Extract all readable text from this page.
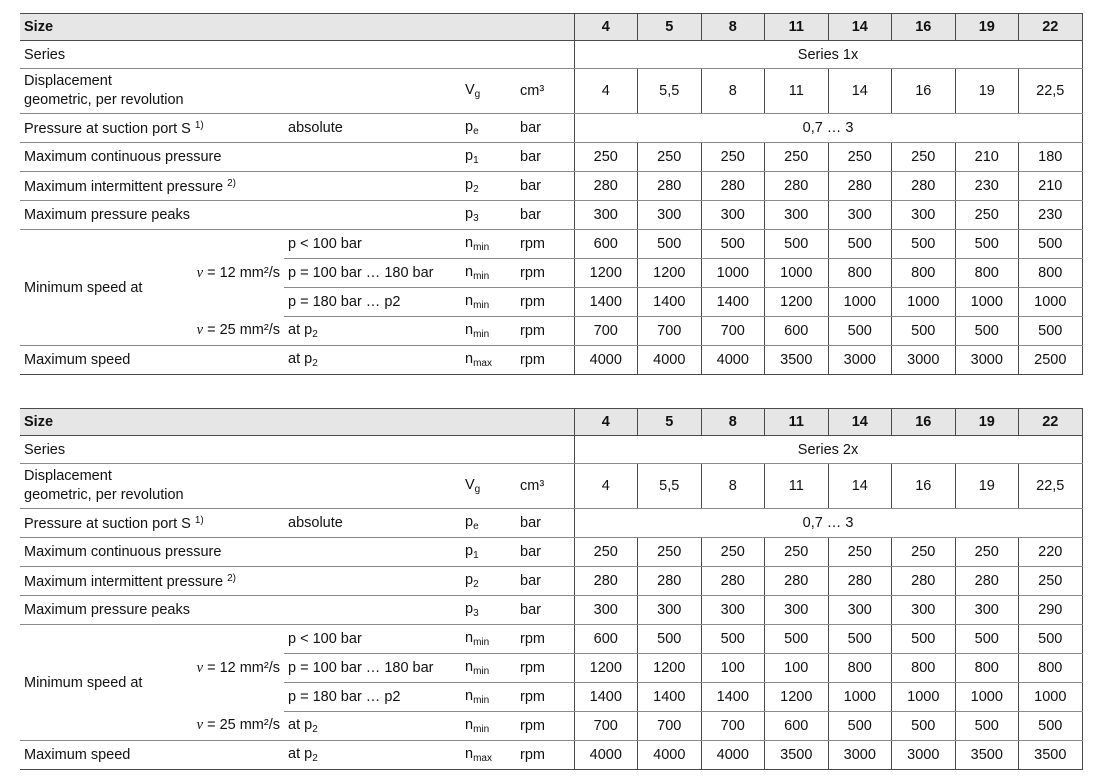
Size					4	5	8	11	14	16	19	22
Series					Series 1x							

Displacement
geometric, per revolution			$V_g$	cm³	4	5,5	8	11	14	16	19	22,5
Pressure at suction port S $^{1)}$		absolute	$p_e$	bar	0,7 … 3							
Maximum continuous pressure			$p_1$	bar	250	250	250	250	250	250	210	180
Maximum intermittent pressure $^{2)}$			$p_2$	bar	280	280	280	280	280	280	230	210
Maximum pressure peaks			$p_3$	bar	300	300	300	300	300	300	250	230
Minimum speed at		p < 100 bar	$n_{min}$	rpm	600	500	500	500	500	500	500	500
	ν = 12 mm²/s	p = 100 bar … 180 bar	$n_{min}$	rpm	1200	1200	1000	1000	800	800	800	800
		p = 180 bar … p2	$n_{min}$	rpm	1400	1400	1400	1200	1000	1000	1000	1000
	ν = 25 mm²/s	at $p_2$	$n_{min}$	rpm	700	700	700	600	500	500	500	500
Maximum speed		at $p_2$	$n_{max}$	rpm	4000	4000	4000	3500	3000	3000	3000	2500
Size					4	5	8	11	14	16	19	22
Series					Series 2x							

Displacement
geometric, per revolution			$V_g$	cm³	4	5,5	8	11	14	16	19	22,5
Pressure at suction port S $^{1)}$		absolute	$p_e$	bar	0,7 … 3							
Maximum continuous pressure			$p_1$	bar	250	250	250	250	250	250	250	220
Maximum intermittent pressure $^{2)}$			$p_2$	bar	280	280	280	280	280	280	280	250
Maximum pressure peaks			$p_3$	bar	300	300	300	300	300	300	300	290
Minimum speed at		p < 100 bar	$n_{min}$	rpm	600	500	500	500	500	500	500	500
	ν = 12 mm²/s	p = 100 bar … 180 bar	$n_{min}$	rpm	1200	1200	100	100	800	800	800	800
		p = 180 bar … p2	$n_{min}$	rpm	1400	1400	1400	1200	1000	1000	1000	1000
	ν = 25 mm²/s	at $p_2$	$n_{min}$	rpm	700	700	700	600	500	500	500	500
Maximum speed		at $p_2$	$n_{max}$	rpm	4000	4000	4000	3500	3000	3000	3500	3500
